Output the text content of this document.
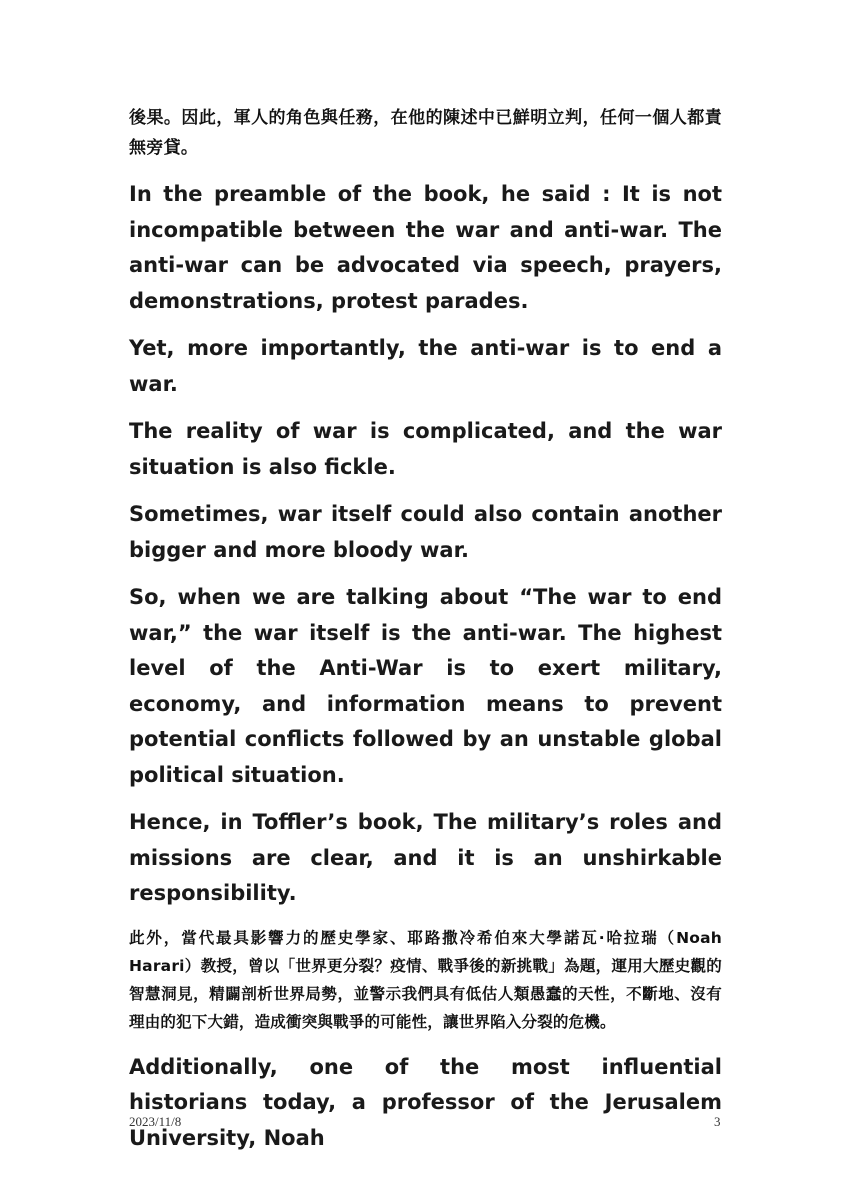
後果。因此，軍人的角色與任務，在他的陳述中已鮮明立判，任何一個人都責無旁貸。

In the preamble of the book, he said : It is not incompatible between the war and anti-war. The anti-war can be advocated via speech, prayers, demonstrations, protest parades.

Yet, more importantly, the anti-war is to end a war.

The reality of war is complicated, and the war situation is also fickle.

Sometimes, war itself could also contain another bigger and more bloody war.

So, when we are talking about “The war to end war,” the war itself is the anti-war. The highest level of the Anti-War is to exert military, economy, and information means to prevent potential conflicts followed by an unstable global political situation.

Hence, in Toffler’s book, The military’s roles and missions are clear, and it is an unshirkable responsibility.

此外，當代最具影響力的歷史學家、耶路撒冷希伯來大學諾瓦·哈拉瑞（Noah Harari）教授，曾以「世界更分裂？疫情、戰爭後的新挑戰」為題，運用大歷史觀的智慧洞見，精闢剖析世界局勢，並警示我們具有低估人類愚蠢的天性，不斷地、沒有理由的犯下大錯，造成衝突與戰爭的可能性，讓世界陷入分裂的危機。

Additionally, one of the most influential historians today, a professor of the Jerusalem University, Noah

2023/11/8	3
